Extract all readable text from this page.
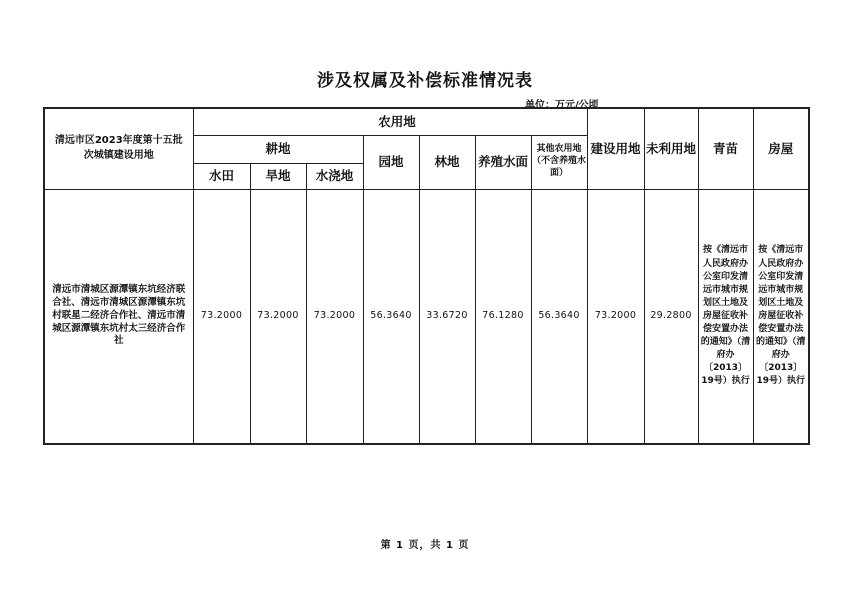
涉及权属及补偿标准情况表
单位：万元/公顷
清远市区2023年度第十五批次城镇建设用地	农用地							建设用地	未利用地	青苗	房屋
	耕地			园地	林地	养殖水面	其他农用地（不含养殖水面）				
	水田	旱地	水浇地								
清远市清城区源潭镇东坑经济联合社、清远市清城区源潭镇东坑村联星二经济合作社、清远市清城区源潭镇东坑村太三经济合作社	73.2000	73.2000	73.2000	56.3640	33.6720	76.1280	56.3640	73.2000	29.2800	按《清远市人民政府办公室印发清远市城市规划区土地及房屋征收补偿安置办法的通知》（清府办〔2013〕19号）执行	按《清远市人民政府办公室印发清远市城市规划区土地及房屋征收补偿安置办法的通知》（清府办〔2013〕19号）执行
第 1 页，共 1 页
